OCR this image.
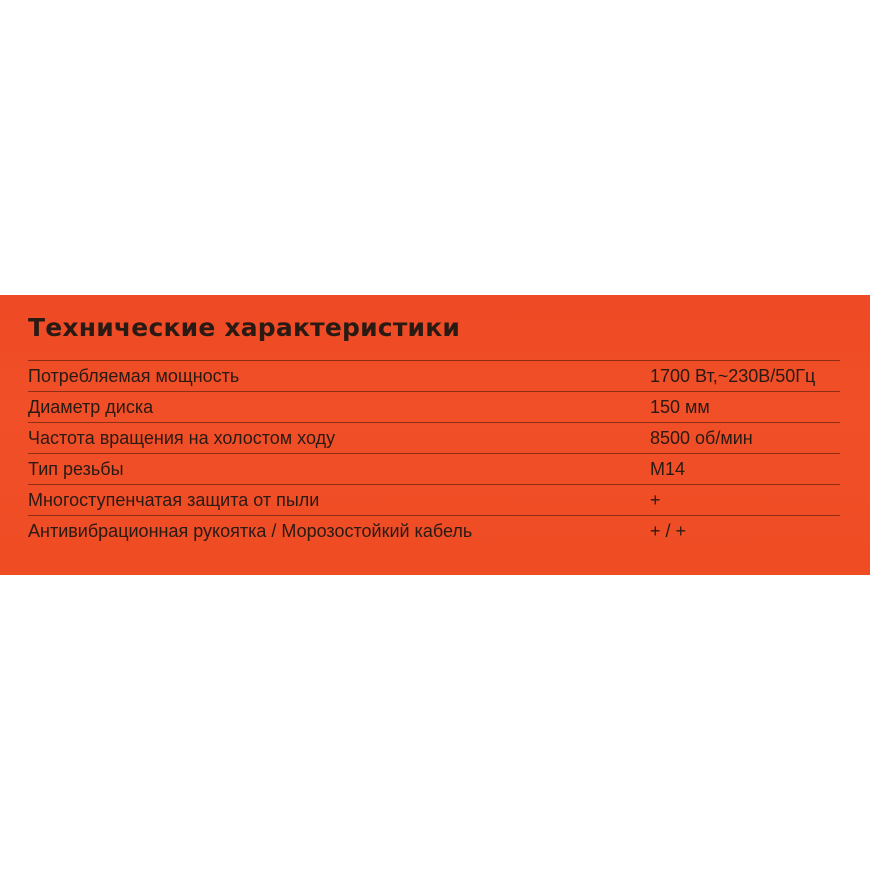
Технические характеристики
Потребляемая мощность	1700 Вт,~230В/50Гц
Диаметр диска	150 мм
Частота вращения на холостом ходу	8500 об/мин
Тип резьбы	M14
Многоступенчатая защита от пыли	+
Антивибрационная рукоятка / Морозостойкий кабель	+ / +
